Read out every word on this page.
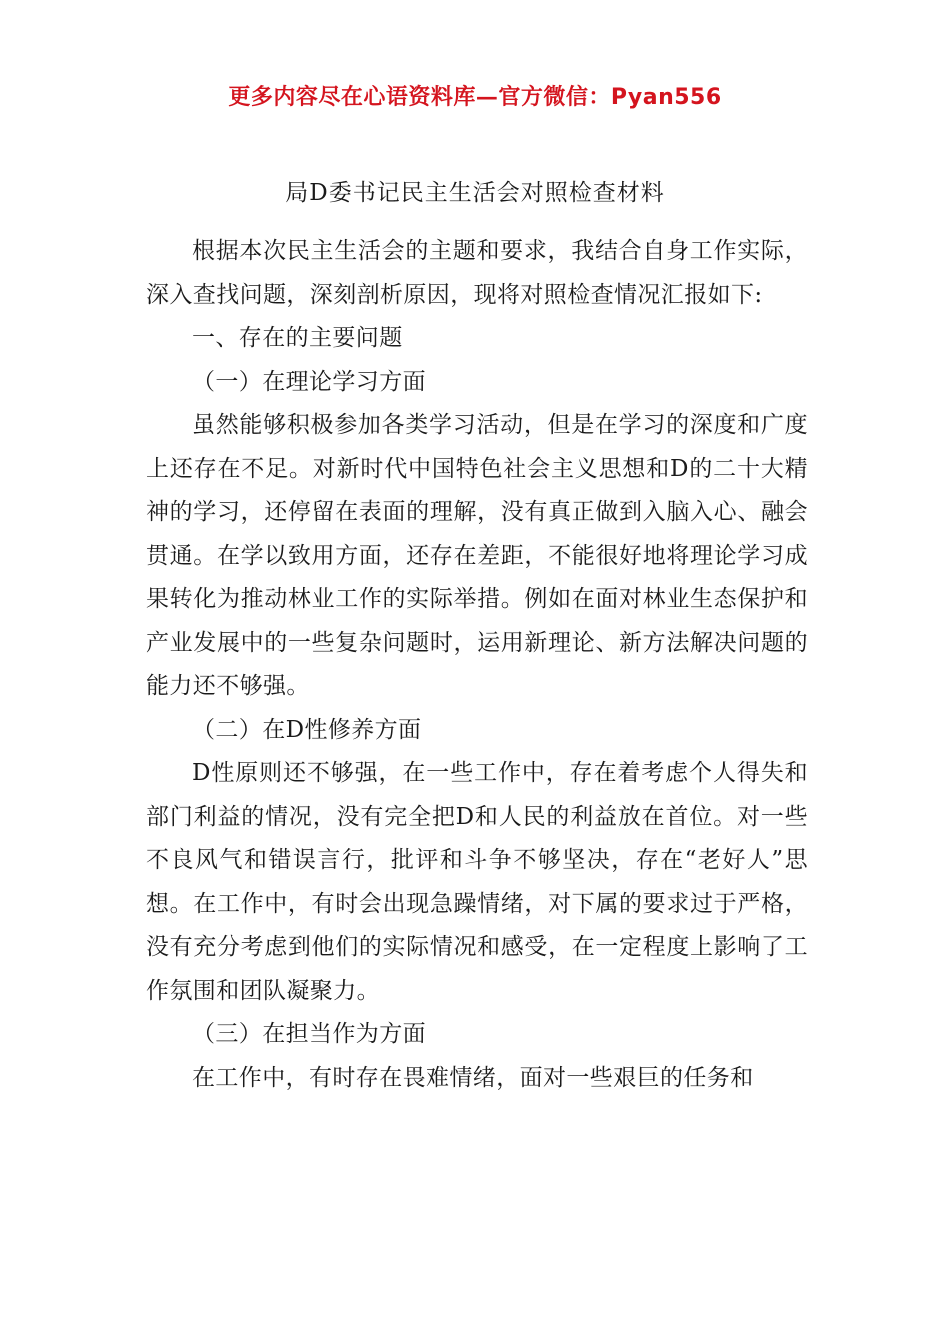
更多内容尽在心语资料库—官方微信：Pyan556
局D委书记民主生活会对照检查材料

根据本次民主生活会的主题和要求，我结合自身工作实际，深入查找问题，深刻剖析原因，现将对照检查情况汇报如下:

一、存在的主要问题

（一）在理论学习方面

虽然能够积极参加各类学习活动，但是在学习的深度和广度上还存在不足。对新时代中国特色社会主义思想和D的二十大精神的学习，还停留在表面的理解，没有真正做到入脑入心、融会贯通。在学以致用方面，还存在差距，不能很好地将理论学习成果转化为推动林业工作的实际举措。例如在面对林业生态保护和产业发展中的一些复杂问题时，运用新理论、新方法解决问题的能力还不够强。

（二）在D性修养方面

D性原则还不够强，在一些工作中，存在着考虑个人得失和部门利益的情况，没有完全把D和人民的利益放在首位。对一些不良风气和错误言行，批评和斗争不够坚决，存在“老好人”思想。在工作中，有时会出现急躁情绪，对下属的要求过于严格，没有充分考虑到他们的实际情况和感受，在一定程度上影响了工作氛围和团队凝聚力。

（三）在担当作为方面

在工作中，有时存在畏难情绪，面对一些艰巨的任务和
